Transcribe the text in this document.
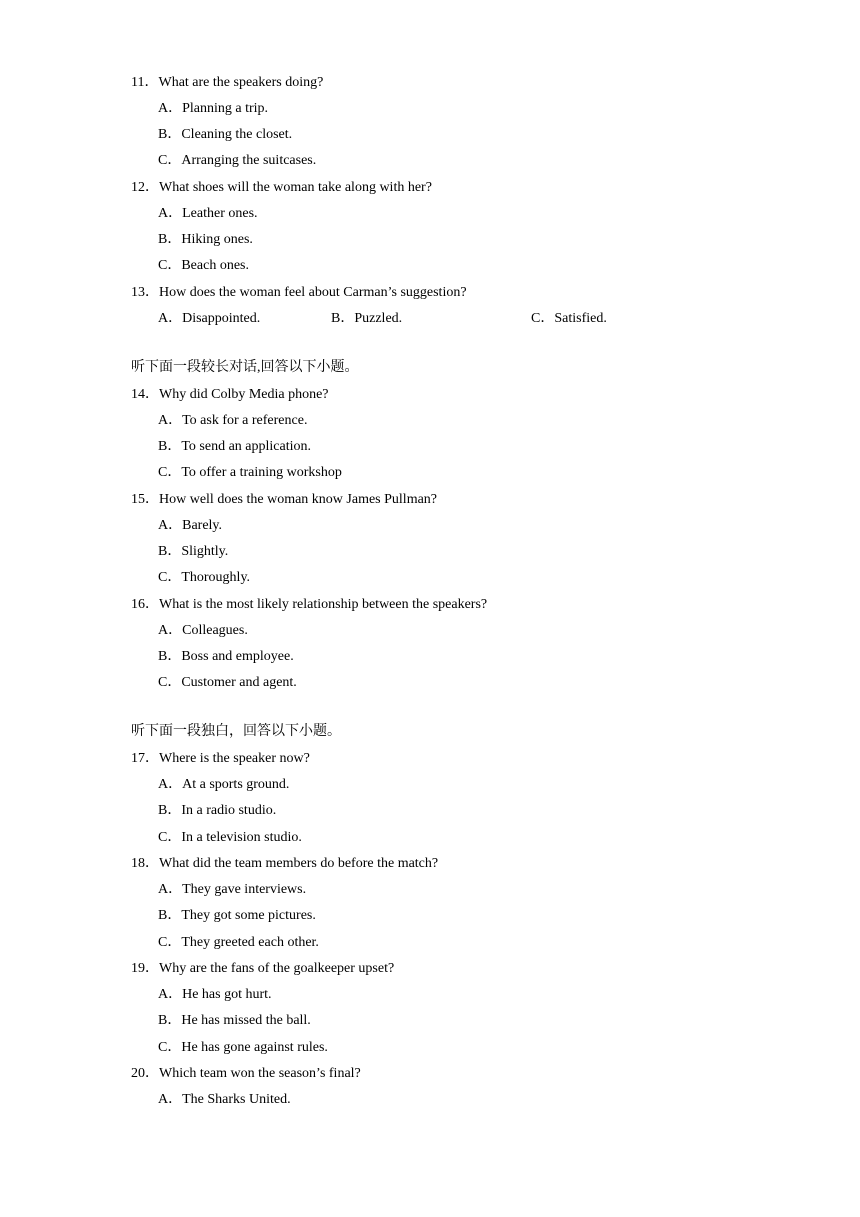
11．What are the speakers doing?
A．Planning a trip.
B．Cleaning the closet.
C．Arranging the suitcases.
12．What shoes will the woman take along with her?
A．Leather ones.
B．Hiking ones.
C．Beach ones.
13．How does the woman feel about Carman’s suggestion?
A．Disappointed.	B．Puzzled.	C．Satisfied.
听下面一段较长对话,回答以下小题。
14．Why did Colby Media phone?
A．To ask for a reference.
B．To send an application.
C．To offer a training workshop
15．How well does the woman know James Pullman?
A．Barely.
B．Slightly.
C．Thoroughly.
16．What is the most likely relationship between the speakers?
A．Colleagues.
B．Boss and employee.
C．Customer and agent.
听下面一段独白，回答以下小题。
17．Where is the speaker now?
A．At a sports ground.
B．In a radio studio.
C．In a television studio.
18．What did the team members do before the match?
A．They gave interviews.
B．They got some pictures.
C．They greeted each other.
19．Why are the fans of the goalkeeper upset?
A．He has got hurt.
B．He has missed the ball.
C．He has gone against rules.
20．Which team won the season’s final?
A．The Sharks United.
